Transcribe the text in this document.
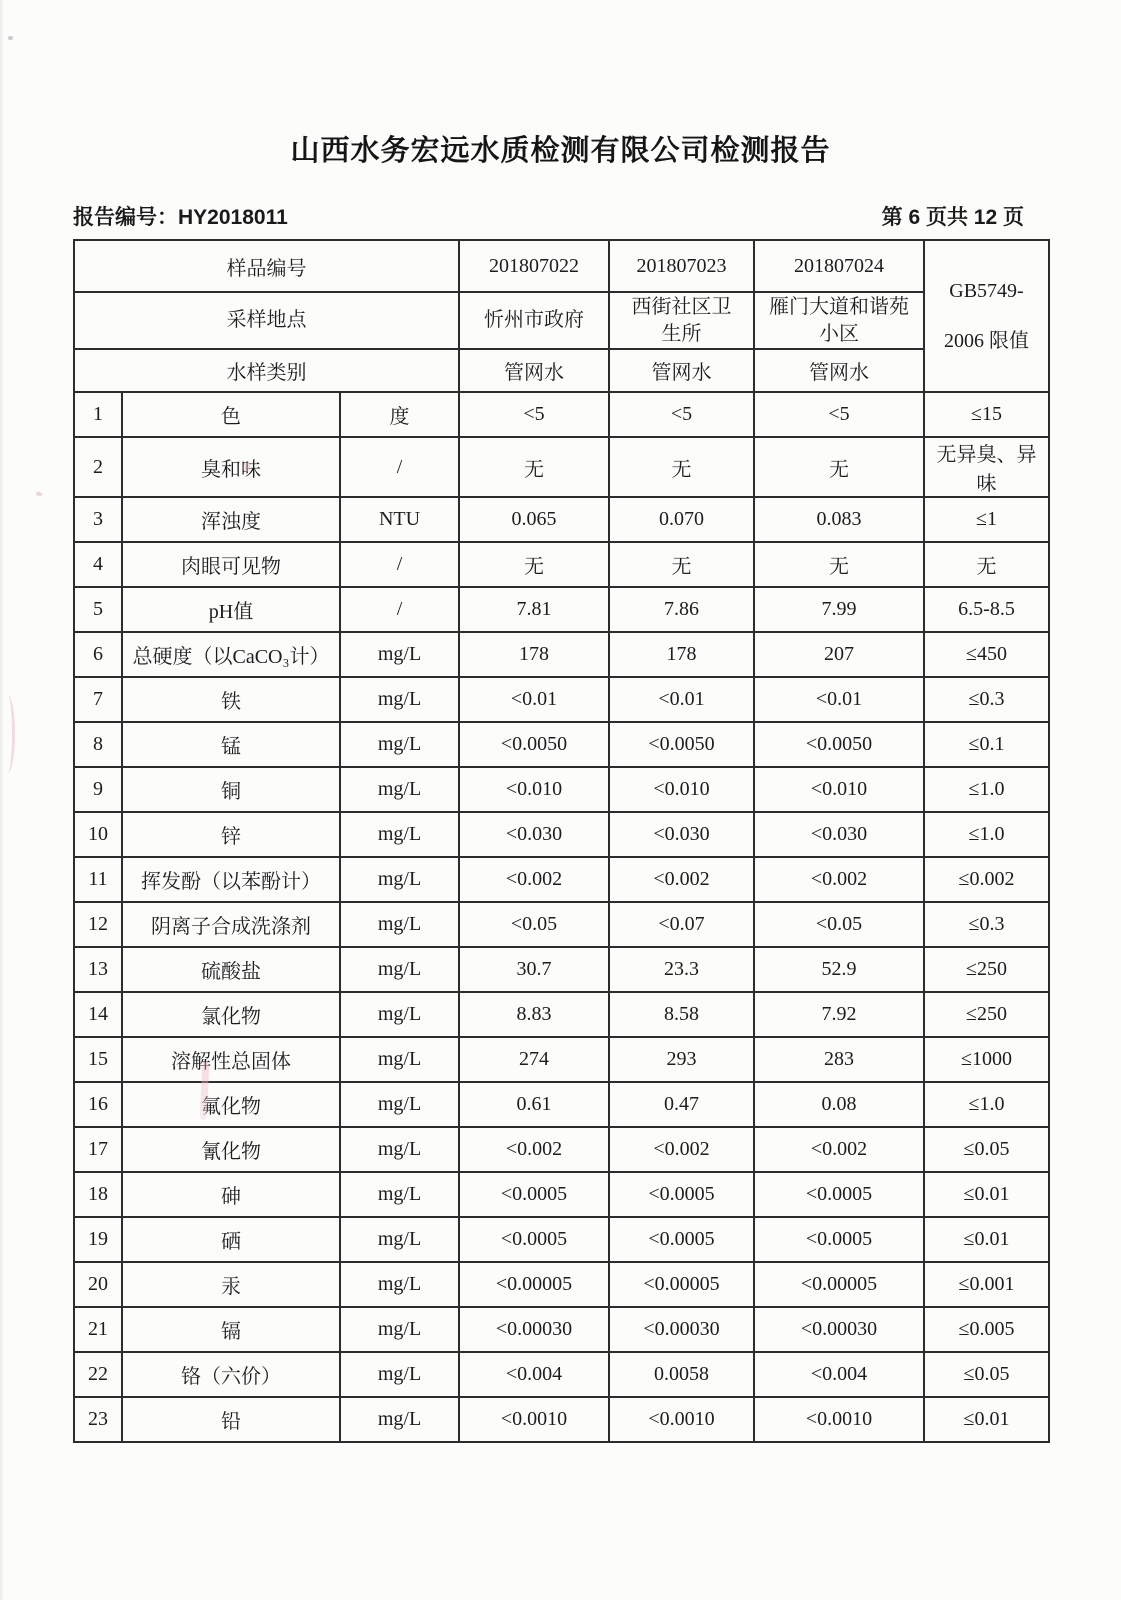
山西水务宏远水质检测有限公司检测报告
报告编号：HY2018011	第 6 页共 12 页
样品编号			201807022	201807023	201807024	GB5749-
2006 限值

采样地点			忻州市政府	西街社区卫生所	雁门大道和谐苑小区	
水样类别			管网水	管网水	管网水	
1	色	度	<5	<5	<5	≤15
2	臭和味	/	无	无	无	无异臭、异味
3	浑浊度	NTU	0.065	0.070	0.083	≤1
4	肉眼可见物	/	无	无	无	无
5	pH值	/	7.81	7.86	7.99	6.5-8.5
6	总硬度（以CaCO₃计）	mg/L	178	178	207	≤450
7	铁	mg/L	<0.01	<0.01	<0.01	≤0.3
8	锰	mg/L	<0.0050	<0.0050	<0.0050	≤0.1
9	铜	mg/L	<0.010	<0.010	<0.010	≤1.0
10	锌	mg/L	<0.030	<0.030	<0.030	≤1.0
11	挥发酚（以苯酚计）	mg/L	<0.002	<0.002	<0.002	≤0.002
12	阴离子合成洗涤剂	mg/L	<0.05	<0.07	<0.05	≤0.3
13	硫酸盐	mg/L	30.7	23.3	52.9	≤250
14	氯化物	mg/L	8.83	8.58	7.92	≤250
15	溶解性总固体	mg/L	274	293	283	≤1000
16	氟化物	mg/L	0.61	0.47	0.08	≤1.0
17	氰化物	mg/L	<0.002	<0.002	<0.002	≤0.05
18	砷	mg/L	<0.0005	<0.0005	<0.0005	≤0.01
19	硒	mg/L	<0.0005	<0.0005	<0.0005	≤0.01
20	汞	mg/L	<0.00005	<0.00005	<0.00005	≤0.001
21	镉	mg/L	<0.00030	<0.00030	<0.00030	≤0.005
22	铬（六价）	mg/L	<0.004	0.0058	<0.004	≤0.05
23	铅	mg/L	<0.0010	<0.0010	<0.0010	≤0.01
